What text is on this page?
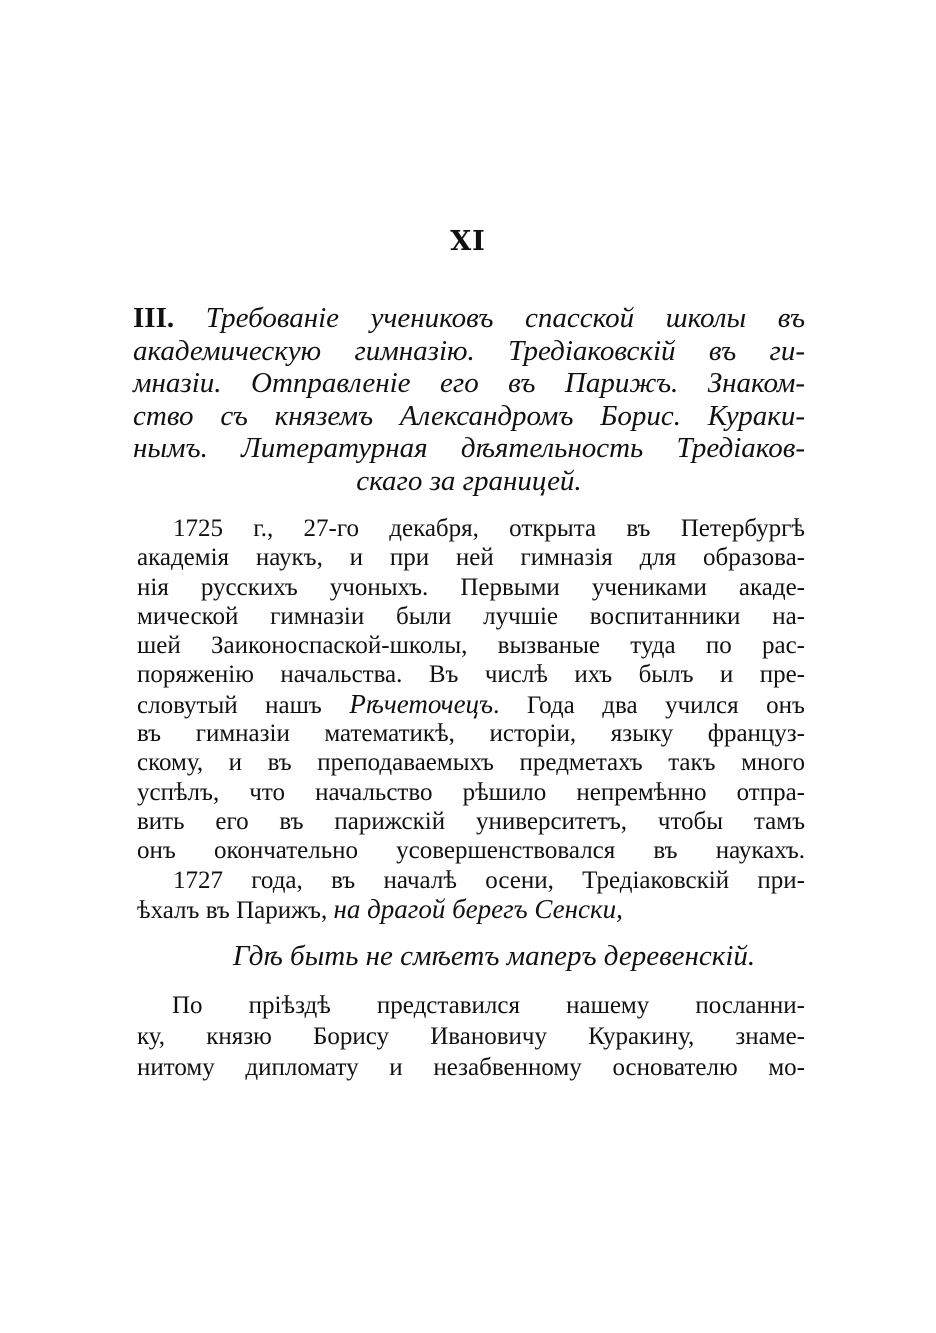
XI
III. Требованіе учениковъ спасской школы въ
академическую гимназію. Тредіаковскій въ ги-
мназіи. Отправленіе его въ Парижъ. Знаком-
ство съ княземъ Александромъ Борис. Кураки-
нымъ. Литературная дѣятельность Тредіаков-
скаго за границей.
1725 г., 27-го декабря, открыта въ Петербургѣ
академія наукъ, и при ней гимназія для образова-
нія русскихъ учоныхъ. Первыми учениками акаде-
мической гимназіи были лучшіе воспитанники на-
шей Заиконоспаской-школы, вызваные туда по рас-
поряженію начальства. Въ числѣ ихъ былъ и пре-
словутый нашъ Рѣчеточецъ. Года два учился онъ
въ гимназіи математикѣ, исторіи, языку француз-
скому, и въ преподаваемыхъ предметахъ такъ много
успѣлъ, что начальство рѣшило непремѣнно отпра-
вить его въ парижскій университетъ, чтобы тамъ
онъ окончательно усовершенствовался въ наукахъ.
1727 года, въ началѣ осени, Тредіаковскій при-
ѣхалъ въ Парижъ, на драгой берегъ Сенски,
Гдѣ быть не смѣетъ маперъ деревенскій.
По пріѣздѣ представился нашему посланни-
ку, князю Борису Ивановичу Куракину, знаме-
нитому дипломату и незабвенному основателю мо-
